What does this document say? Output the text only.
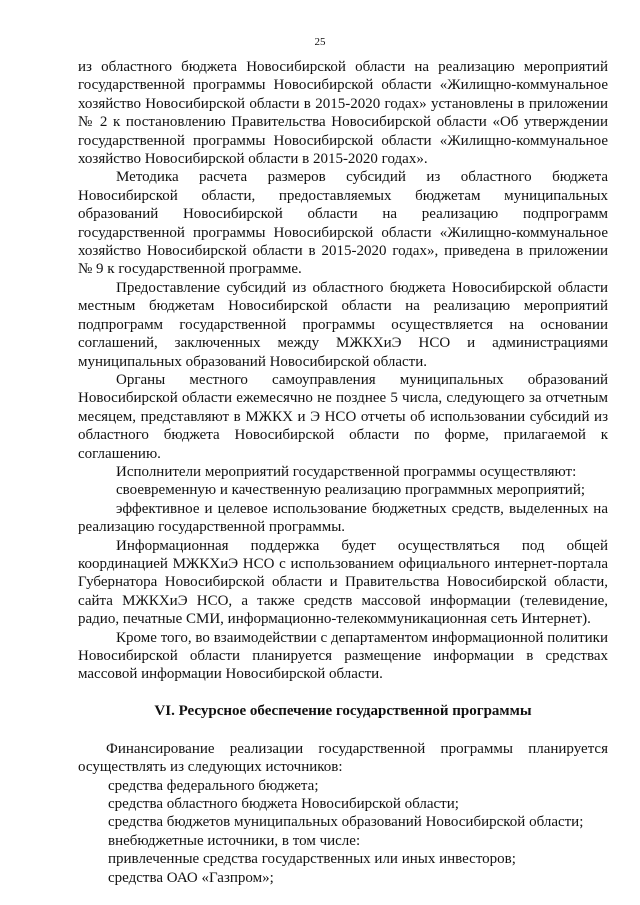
25

из областного бюджета Новосибирской области на реализацию мероприятий государственной программы Новосибирской области «Жилищно-коммунальное хозяйство Новосибирской области в 2015-2020 годах» установлены в приложении № 2 к постановлению Правительства Новосибирской области «Об утверждении государственной программы Новосибирской области «Жилищно-коммунальное хозяйство Новосибирской области в 2015-2020 годах».

Методика расчета размеров субсидий из областного бюджета Новосибирской области, предоставляемых бюджетам муниципальных образований Новосибирской области на реализацию подпрограмм государственной программы Новосибирской области «Жилищно-коммунальное хозяйство Новосибирской области в 2015-2020 годах», приведена в приложении № 9 к государственной программе.

Предоставление субсидий из областного бюджета Новосибирской области местным бюджетам Новосибирской области на реализацию мероприятий подпрограмм государственной программы осуществляется на основании соглашений, заключенных между МЖКХиЭ НСО и администрациями муниципальных образований Новосибирской области.

Органы местного самоуправления муниципальных образований Новосибирской области ежемесячно не позднее 5 числа, следующего за отчетным месяцем, представляют в МЖКХ и Э НСО отчеты об использовании субсидий из областного бюджета Новосибирской области по форме, прилагаемой к соглашению.

Исполнители мероприятий государственной программы осуществляют:

своевременную и качественную реализацию программных мероприятий;

эффективное и целевое использование бюджетных средств, выделенных на реализацию государственной программы.

Информационная поддержка будет осуществляться под общей координацией МЖКХиЭ НСО с использованием официального интернет-портала Губернатора Новосибирской области и Правительства Новосибирской области, сайта МЖКХиЭ НСО, а также средств массовой информации (телевидение, радио, печатные СМИ, информационно-телекоммуникационная сеть Интернет).

Кроме того, во взаимодействии с департаментом информационной политики Новосибирской области планируется размещение информации в средствах массовой информации Новосибирской области.

VI. Ресурсное обеспечение государственной программы

Финансирование реализации государственной программы планируется осуществлять из следующих источников:

средства федерального бюджета;

средства областного бюджета Новосибирской области;

средства бюджетов муниципальных образований Новосибирской области;

внебюджетные источники, в том числе:

привлеченные средства государственных или иных инвесторов;

средства ОАО «Газпром»;
